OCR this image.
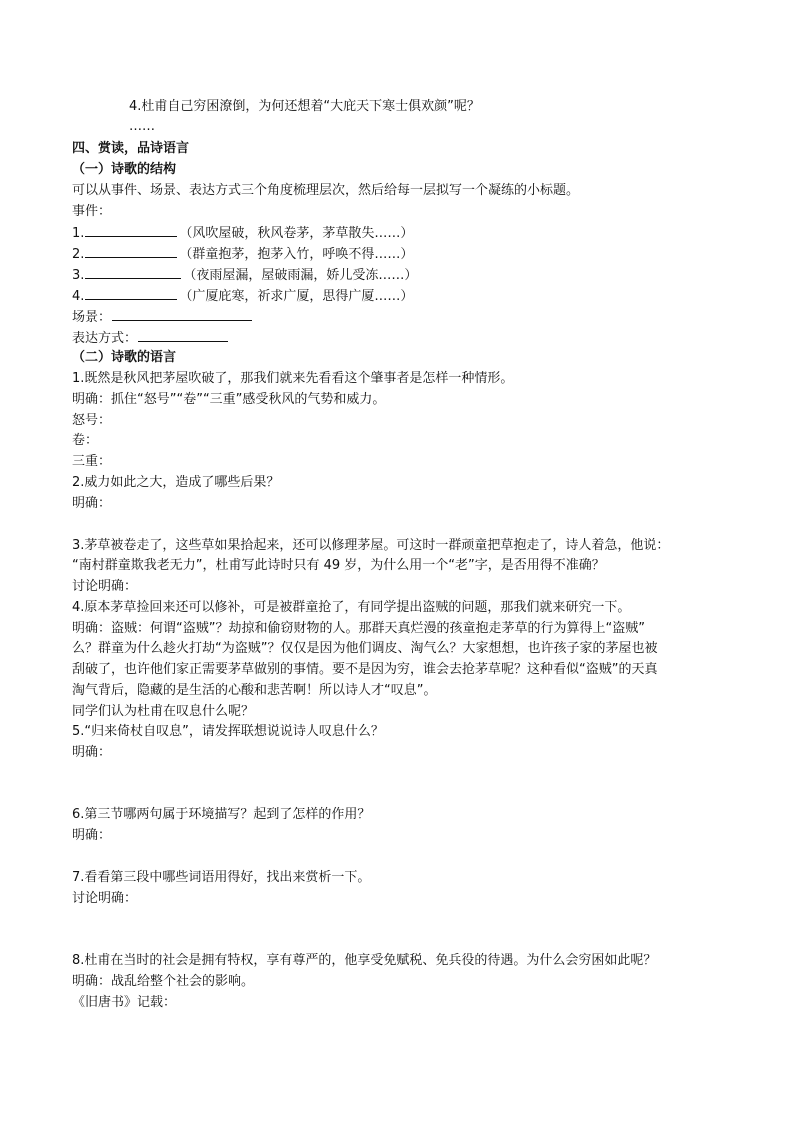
4.杜甫自己穷困潦倒，为何还想着“大庇天下寒士俱欢颜”呢？
……
四、赏读，品诗语言
（一）诗歌的结构
可以从事件、场景、表达方式三个角度梳理层次，然后给每一层拟写一个凝练的小标题。
事件：
1.	（风吹屋破，秋风卷茅，茅草散失……）
2.	（群童抱茅，抱茅入竹，呼唤不得……）
3.	（夜雨屋漏，屋破雨漏，娇儿受冻……）
4.	（广厦庇寒，祈求广厦，思得广厦……）
场景：
表达方式：
（二）诗歌的语言
1.既然是秋风把茅屋吹破了，那我们就来先看看这个肇事者是怎样一种情形。
明确：抓住“怒号”“卷”“三重”感受秋风的气势和威力。
怒号：
卷：
三重：
2.威力如此之大，造成了哪些后果？
明确：
3.茅草被卷走了，这些草如果拾起来，还可以修理茅屋。可这时一群顽童把草抱走了，诗人着急，他说：
“南村群童欺我老无力”，杜甫写此诗时只有 49 岁，为什么用一个“老”字，是否用得不准确？
讨论明确：
4.原本茅草捡回来还可以修补，可是被群童抢了，有同学提出盗贼的问题，那我们就来研究一下。
明确：盗贼：何谓“盗贼”？劫掠和偷窃财物的人。那群天真烂漫的孩童抱走茅草的行为算得上“盗贼”
么？群童为什么趁火打劫“为盗贼”？仅仅是因为他们调皮、淘气么？大家想想，也许孩子家的茅屋也被
刮破了，也许他们家正需要茅草做别的事情。要不是因为穷，谁会去抢茅草呢？这种看似“盗贼”的天真
淘气背后，隐藏的是生活的心酸和悲苦啊！所以诗人才“叹息”。
同学们认为杜甫在叹息什么呢？
5.“归来倚杖自叹息”，请发挥联想说说诗人叹息什么？
明确：
6.第三节哪两句属于环境描写？起到了怎样的作用？
明确：
7.看看第三段中哪些词语用得好，找出来赏析一下。
讨论明确：
8.杜甫在当时的社会是拥有特权，享有尊严的，他享受免赋税、免兵役的待遇。为什么会穷困如此呢？
明确：战乱给整个社会的影响。
《旧唐书》记载：
